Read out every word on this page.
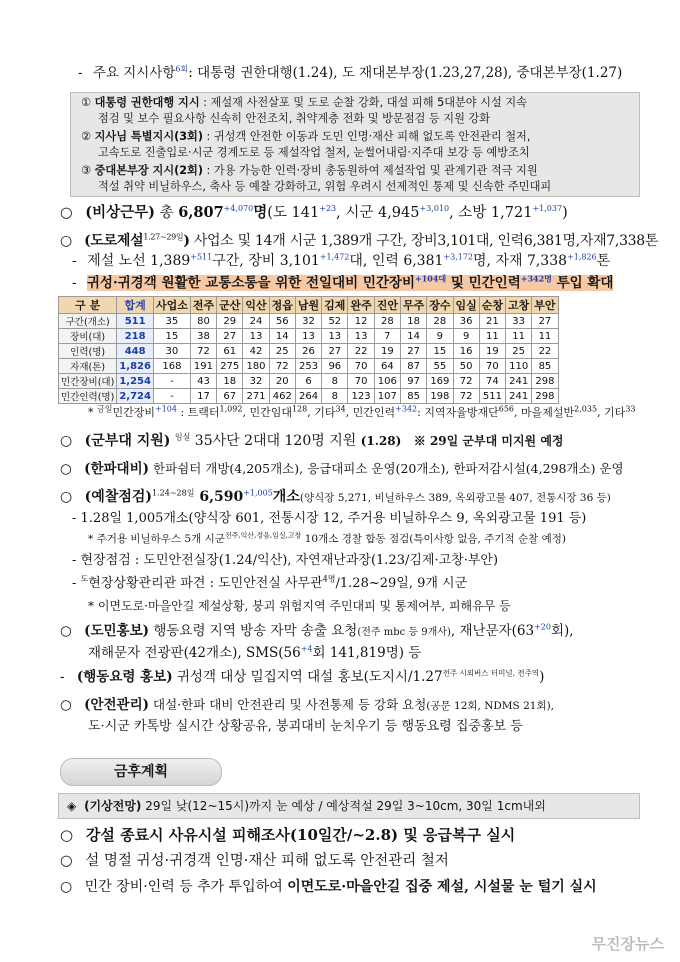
- 주요 지시사항$^{6회}$: 대통령 권한대행(1.24), 도 재대본부장(1.23,27,28), 중대본부장(1.27)
① 대통령 권한대행 지시 : 제설재 사전살포 및 도로 순찰 강화, 대설 피해 5대분야 시설 지속
점검 및 보수 필요사항 신속히 안전조치, 취약계층 전화 및 방문점검 등 지원 강화
② 지사님 특별지시(3회) : 귀성객 안전한 이동과 도민 인명·재산 피해 없도록 안전관리 철저,
고속도로 진출입로·시군 경계도로 등 제설작업 철저, 눈썰어내림·지주대 보강 등 예방조치
③ 중대본부장 지시(2회) : 가용 가능한 인력·장비 총동원하여 제설작업 및 관계기관 적극 지원
적설 취약 비닐하우스, 축사 등 예찰 강화하고, 위험 우려시 선제적인 통제 및 신속한 주민대피
○ (비상근무) 총 $6,807^{+4,070}$명(도 $141^{+23}$, 시군 $4,945^{+3,010}$, 소방 $1,721^{+1,037}$)
○ (도로제설$^{1.27\sim 29일}$) 사업소 및 14개 시군 1,389개 구간, 장비3,101대, 인력6,381명,자재7,338톤
- 제설 노선 $1,389^{+511}$구간, 장비 $3,101^{+1,472}$대, 인력 $6,381^{+3,172}$명, 자재 $7,338^{+1,826}$톤
- 귀성·귀경객 원활한 교통소통을 위한 전일대비 민간장비$^{+104대}$ 및 민간인력$^{+342명}$ 투입 확대
구 분	합계	사업소	전주	군산	익산	정읍	남원	김제	완주	진안	무주	장수	임실	순창	고창	부안
구간(개소)	511	35	80	29	24	56	32	52	12	28	18	28	36	21	33	27
장비(대)	218	15	38	27	13	14	13	13	13	7	14	9	9	11	11	11
인력(명)	448	30	72	61	42	25	26	27	22	19	27	15	16	19	25	22
자재(톤)	1,826	168	191	275	180	72	253	96	70	64	87	55	50	70	110	85
민간장비(대)	1,254	-	43	18	32	20	6	8	70	106	97	169	72	74	241	298
민간인력(명)	2,724	-	17	67	271	462	264	8	123	107	85	198	72	511	241	298
* $^{금일}$민간장비$^{+104}$ : 트랙터$^{1,092}$, 민간임대$^{128}$, 기타$^{34}$, 민간인력$^{+342}$: 지역자율방재단$^{656}$, 마을제설반$^{2,035}$, 기타$^{33}$
○ (군부대 지원) $^{임실}$ 35사단 2대대 120명 지원 (1.28) ※ 29일 군부대 미지원 예정
○ (한파대비) 한파쉼터 개방(4,205개소), 응급대피소 운영(20개소), 한파저감시설(4,298개소) 운영
○ (예찰점검)$^{1.24\sim 28일}$ $6,590^{+1,005}$개소(양식장 5,271, 비닐하우스 389, 옥외광고물 407, 전통시장 36 등)
- 1.28일 1,005개소(양식장 601, 전통시장 12, 주거용 비닐하우스 9, 옥외광고물 191 등)
* 주거용 비닐하우스 5개 시군$^{전주,익산,정읍,임실,고창}$ 10개소 경찰 합동 점검(특이사항 없음, 주기적 순찰 예정)
- 현장점검 : 도민안전실장(1.24/익산), 자연재난과장(1.23/김제·고창·부안)
- $^도$현장상황관리관 파견 : 도민안전실 사무관$^{4명}$/1.28~29일, 9개 시군
* 이면도로·마을안길 제설상황, 붕괴 위험지역 주민대피 및 통제여부, 피해유무 등
○ (도민홍보) 행동요령 지역 방송 자막 송출 요청(전주 mbc 등 9개사), 재난문자($63^{+20}$회),
재해문자 전광판(42개소), $SMS(56^{+4}$회 141,819명) 등
- (행동요령 홍보) 귀성객 대상 밀집지역 대설 홍보(도지시$/1.27^{전주 시외버스 터미널, 전주역}$)
○ (안전관리) 대설·한파 대비 안전관리 및 사전통제 등 강화 요청(공문 12회, NDMS 21회),
도·시군 카톡방 실시간 상황공유, 붕괴대비 눈치우기 등 행동요령 집중홍보 등
금후계획
◈ (기상전망) 29일 낮(12~15시)까지 눈 예상 / 예상적설 29일 3~10cm, 30일 1cm내외
○ 강설 종료시 사유시설 피해조사(10일간/~2.8) 및 응급복구 실시
○ 설 명절 귀성·귀경객 인명·재산 피해 없도록 안전관리 철저
○ 민간 장비·인력 등 추가 투입하여 이면도로·마을안길 집중 제설, 시설물 눈 털기 실시
무진장뉴스
